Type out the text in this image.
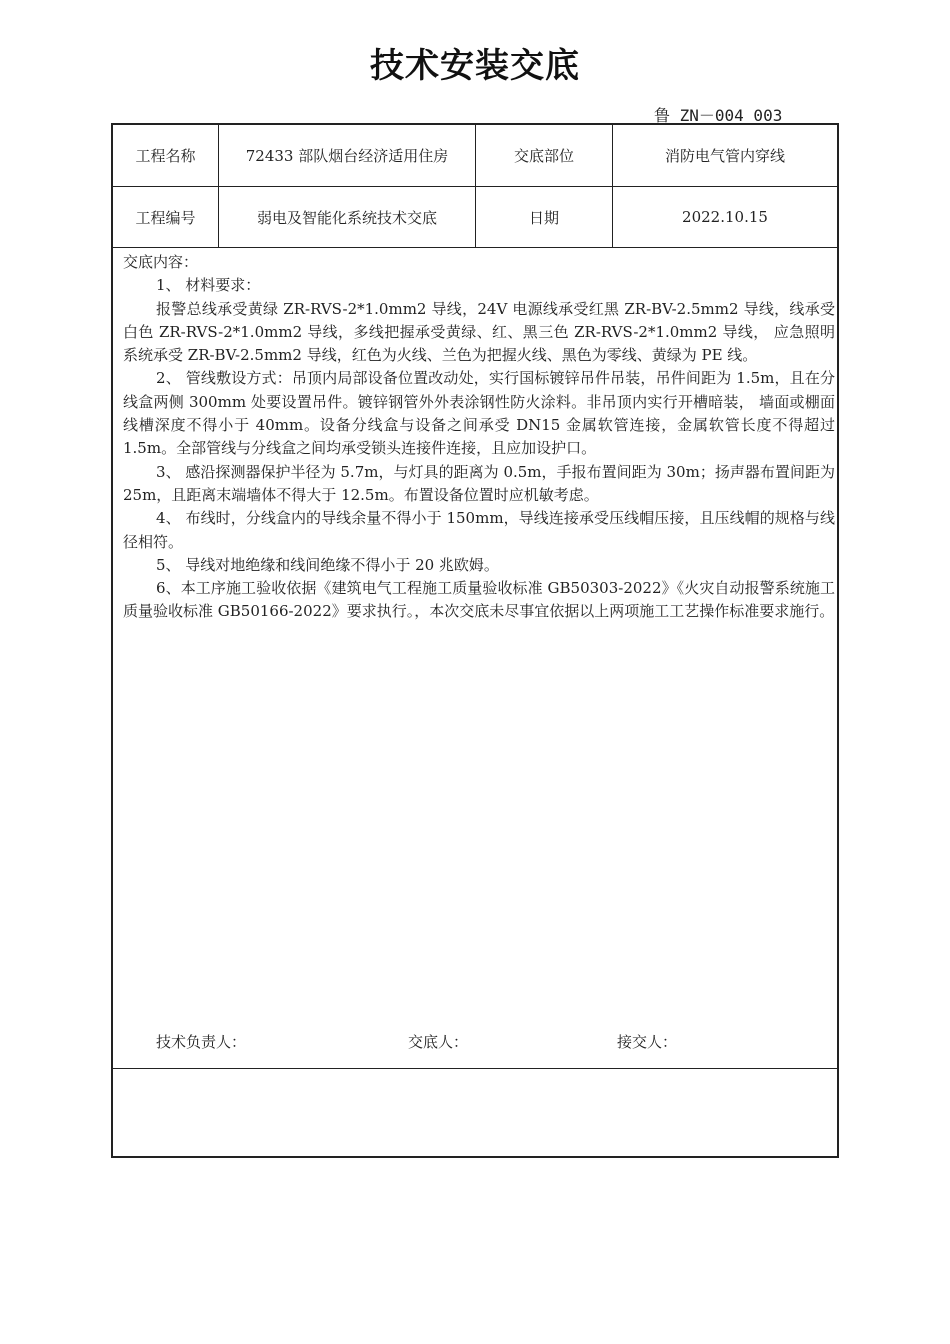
技术安装交底
鲁 ZN－004 003
工程名称	72433 部队烟台经济适用住房	交底部位	消防电气管内穿线
工程编号	弱电及智能化系统技术交底	日期	2022.10.15

交底内容：

1、 材料要求：

报警总线承受黄绿 ZR-RVS-2*1.0mm2 导线，24V 电源线承受红黑 ZR-BV-2.5mm2 导线，线承受白色 ZR-RVS-2*1.0mm2 导线，多线把握承受黄绿、红、黑三色 ZR-RVS-2*1.0mm2 导线， 应急照明系统承受 ZR-BV-2.5mm2 导线，红色为火线、兰色为把握火线、黑色为零线、黄绿为 PE 线。

2、 管线敷设方式：吊顶内局部设备位置改动处，实行国标镀锌吊件吊装，吊件间距为 1.5m，且在分线盒两侧 300mm 处要设置吊件。镀锌钢管外外表涂钢性防火涂料。非吊顶内实行开槽暗装， 墙面或棚面线槽深度不得小于 40mm。设备分线盒与设备之间承受 DN15 金属软管连接，金属软管长度不得超过 1.5m。全部管线与分线盒之间均承受锁头连接件连接，且应加设护口。

3、 感沿探测器保护半径为 5.7m，与灯具的距离为 0.5m，手报布置间距为 30m；扬声器布置间距为 25m，且距离末端墙体不得大于 12.5m。布置设备位置时应机敏考虑。

4、 布线时，分线盒内的导线余量不得小于 150mm，导线连接承受压线帽压接，且压线帽的规格与线径相符。

5、 导线对地绝缘和线间绝缘不得小于 20 兆欧姆。

6、本工序施工验收依据《建筑电气工程施工质量验收标准 GB50303-2022》《火灾自动报警系统施工质量验收标准 GB50166-2022》要求执行。，本次交底未尽事宜依据以上两项施工工艺操作标准要求施行。

技术负责人：	交底人：	接交人：
